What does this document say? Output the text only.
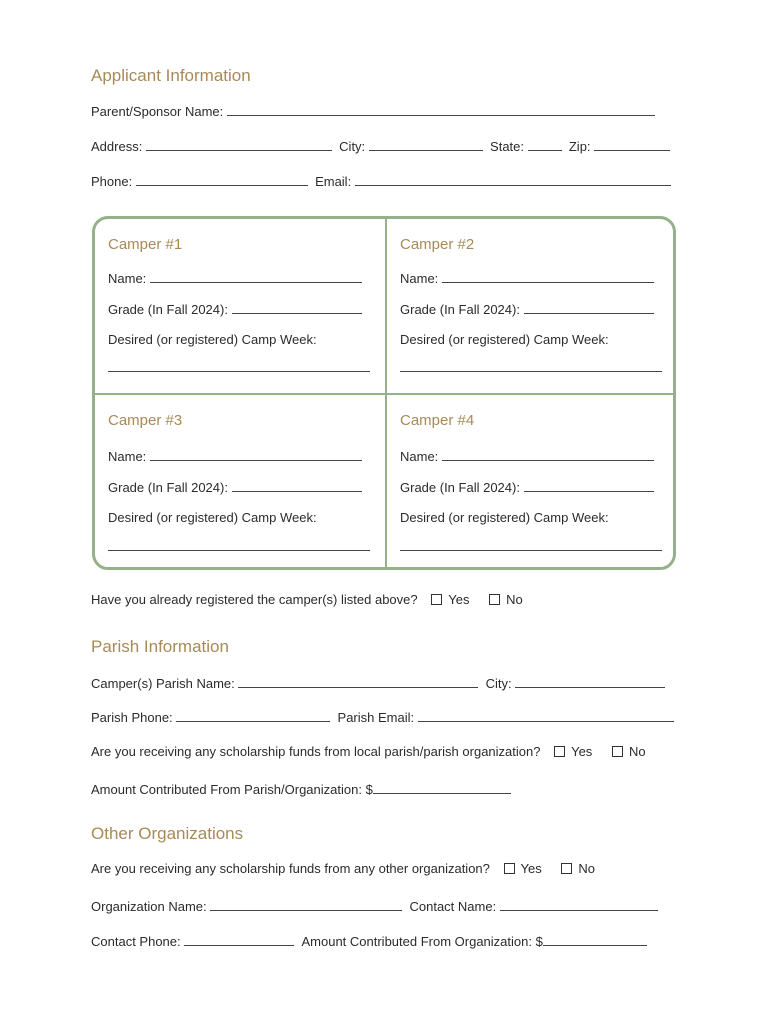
Applicant Information
Parent/Sponsor Name:
Address:	City:	State:	Zip:
Phone:	Email:
Camper #1
Name:
Grade (In Fall 2024):
Desired (or registered) Camp Week:
Camper #2
Name:
Grade (In Fall 2024):
Desired (or registered) Camp Week:
Camper #3
Name:
Grade (In Fall 2024):
Desired (or registered) Camp Week:
Camper #4
Name:
Grade (In Fall 2024):
Desired (or registered) Camp Week:
Have you already registered the camper(s) listed above? Yes	No
Parish Information
Camper(s) Parish Name:	City:
Parish Phone:	Parish Email:
Are you receiving any scholarship funds from local parish/parish organization? Yes	No
Amount Contributed From Parish/Organization: $
Other Organizations
Are you receiving any scholarship funds from any other organization? Yes	No
Organization Name:	Contact Name:
Contact Phone:	Amount Contributed From Organization: $
